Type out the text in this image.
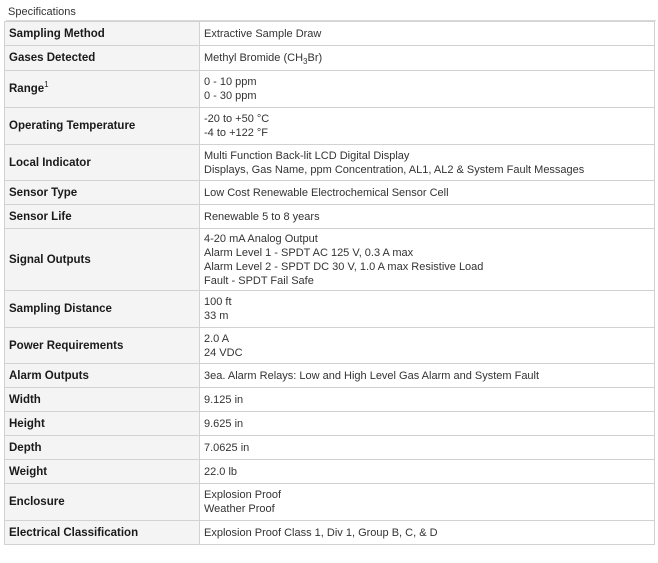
Specifications
Sampling Method	Extractive Sample Draw

Gases Detected	Methyl Bromide $(CH_3Br)$

Range$^1$	0 - 10 ppm
0 - 30 ppm

Operating Temperature	-20 to +50 °C
-4 to +122 °F

Local Indicator	Multi Function Back-lit LCD Digital Display
Displays, Gas Name, ppm Concentration, AL1, AL2 & System Fault Messages

Sensor Type	Low Cost Renewable Electrochemical Sensor Cell

Sensor Life	Renewable 5 to 8 years

Signal Outputs	4-20 mA Analog Output
Alarm Level 1 - SPDT AC 125 V, 0.3 A max
Alarm Level 2 - SPDT DC 30 V, 1.0 A max Resistive Load
Fault - SPDT Fail Safe

Sampling Distance	100 ft
33 m

Power Requirements	2.0 A
24 VDC

Alarm Outputs	3ea. Alarm Relays: Low and High Level Gas Alarm and System Fault

Width	9.125 in

Height	9.625 in

Depth	7.0625 in

Weight	22.0 lb

Enclosure	Explosion Proof
Weather Proof

Electrical Classification	Explosion Proof Class 1, Div 1, Group B, C, & D
